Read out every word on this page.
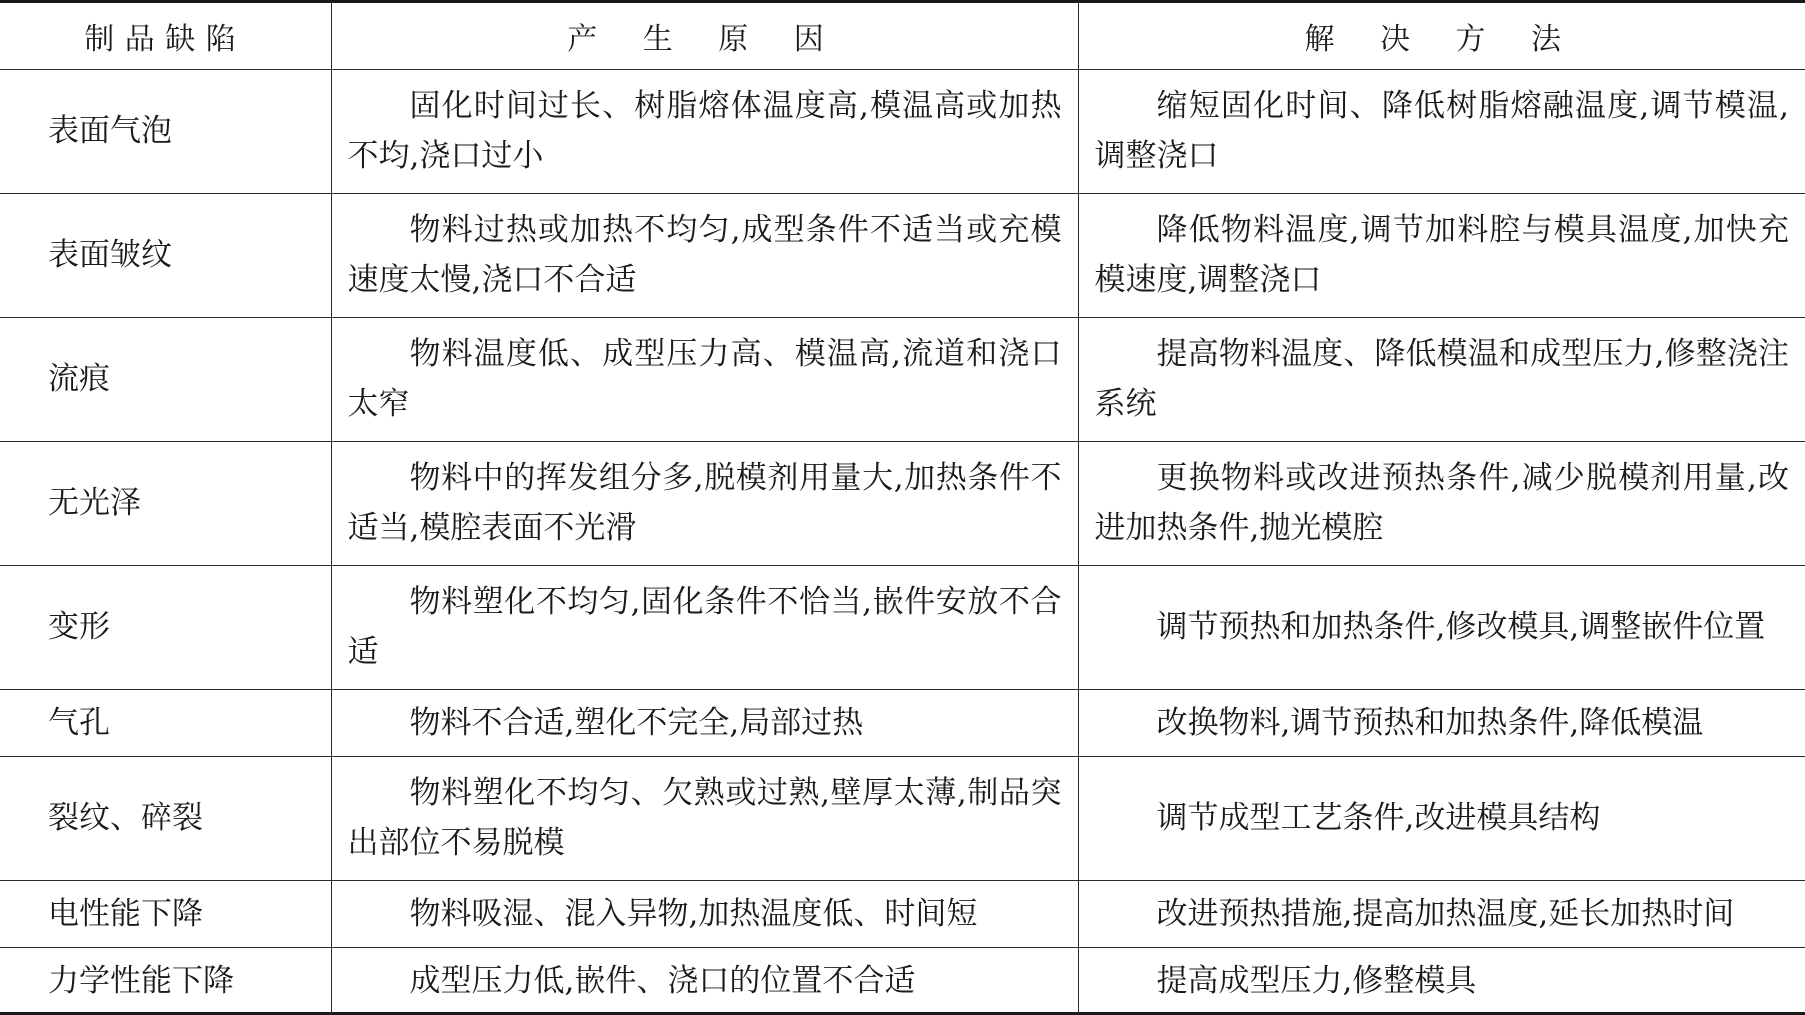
制品缺陷	产 生 原 因	解 决 方 法
表面气泡	固化时间过长、树脂熔体温度高,模温高或加热不均,浇口过小	缩短固化时间、降低树脂熔融温度,调节模温,调整浇口
表面皱纹	物料过热或加热不均匀,成型条件不适当或充模速度太慢,浇口不合适	降低物料温度,调节加料腔与模具温度,加快充模速度,调整浇口
流痕	物料温度低、成型压力高、模温高,流道和浇口太窄	提高物料温度、降低模温和成型压力,修整浇注系统
无光泽	物料中的挥发组分多,脱模剂用量大,加热条件不适当,模腔表面不光滑	更换物料或改进预热条件,减少脱模剂用量,改进加热条件,抛光模腔
变形	物料塑化不均匀,固化条件不恰当,嵌件安放不合适	调节预热和加热条件,修改模具,调整嵌件位置
气孔	物料不合适,塑化不完全,局部过热	改换物料,调节预热和加热条件,降低模温
裂纹、碎裂	物料塑化不均匀、欠熟或过熟,壁厚太薄,制品突出部位不易脱模	调节成型工艺条件,改进模具结构
电性能下降	物料吸湿、混入异物,加热温度低、时间短	改进预热措施,提高加热温度,延长加热时间
力学性能下降	成型压力低,嵌件、浇口的位置不合适	提高成型压力,修整模具
